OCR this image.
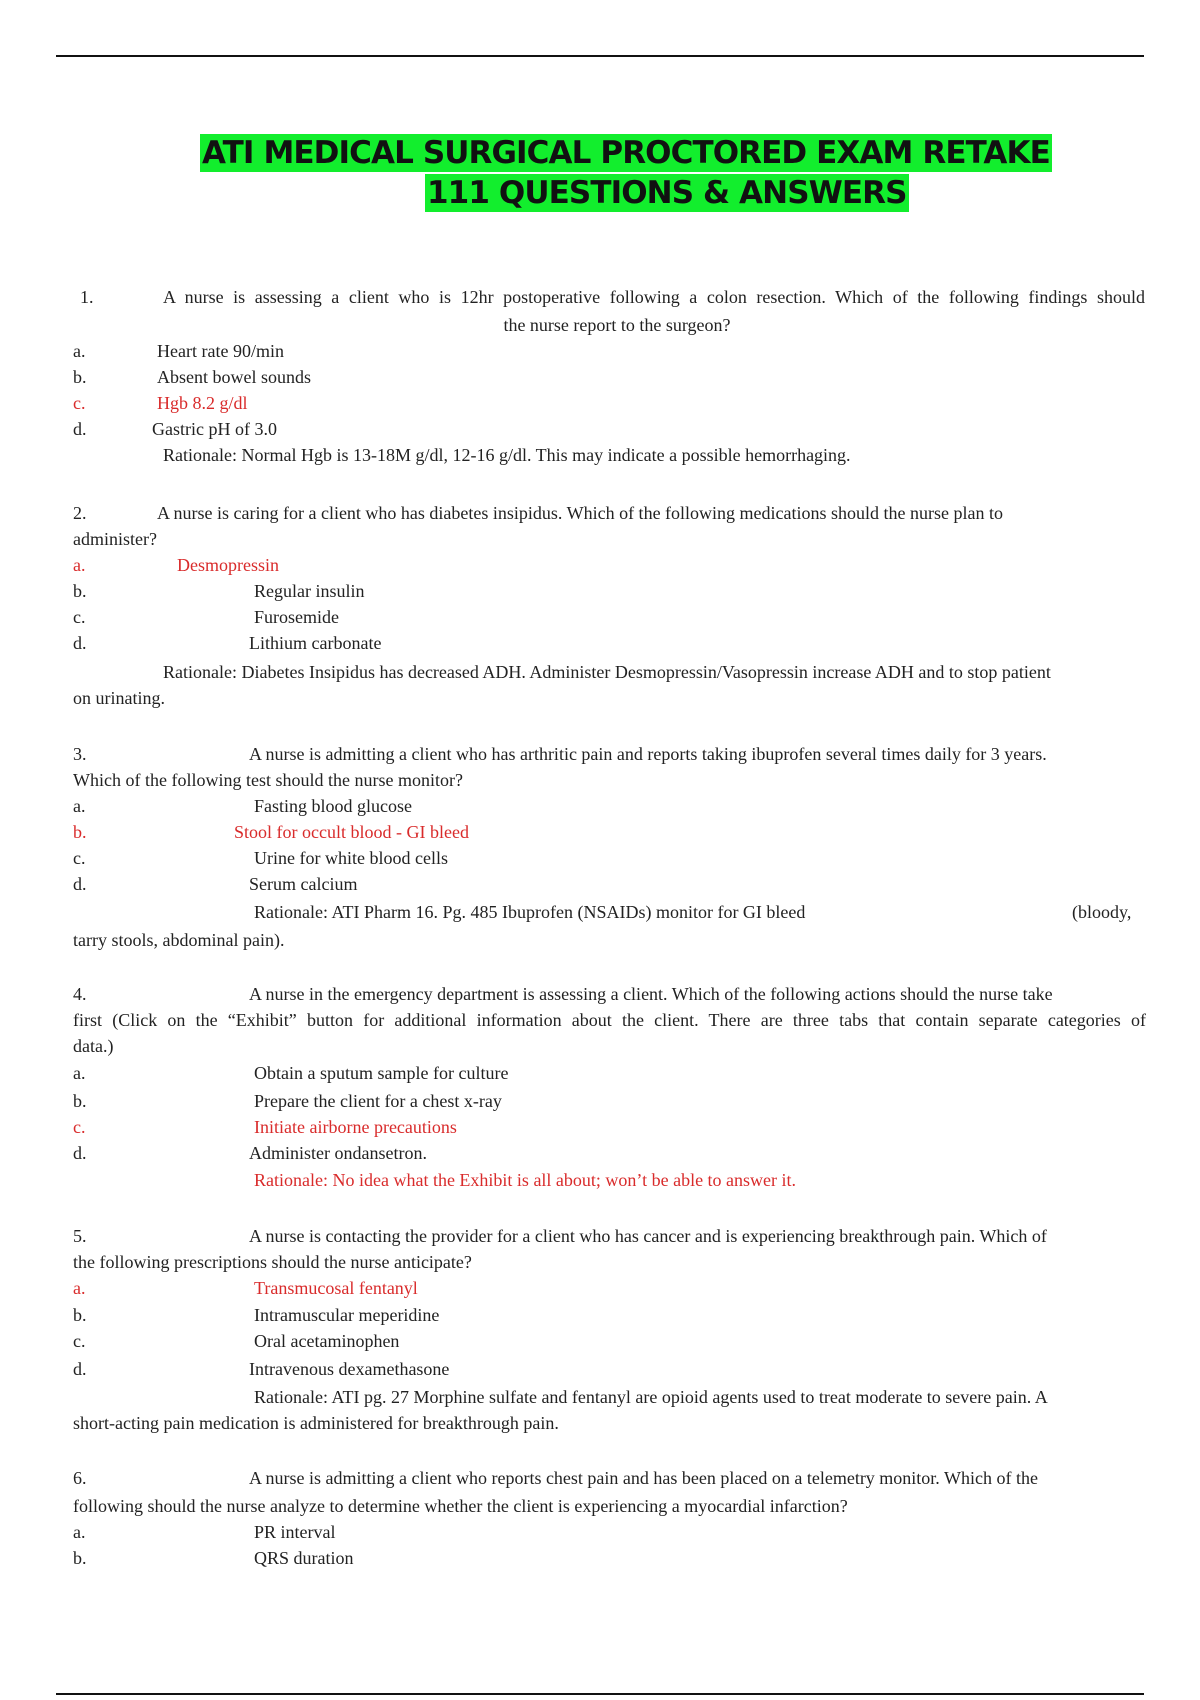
ATI MEDICAL SURGICAL PROCTORED EXAM RETAKE
111 QUESTIONS & ANSWERS
1.	A nurse is assessing a client who is 12hr postoperative following a colon resection. Which of the following findings should
the nurse report to the surgeon?
a.	Heart rate 90/min
b.	Absent bowel sounds
c.	Hgb 8.2 g/dl
d.	Gastric pH of 3.0
Rationale: Normal Hgb is 13-18M g/dl, 12-16 g/dl. This may indicate a possible hemorrhaging.
2.	A nurse is caring for a client who has diabetes insipidus. Which of the following medications should the nurse plan to
administer?
a.	Desmopressin
b.	Regular insulin
c.	Furosemide
d.	Lithium carbonate
Rationale: Diabetes Insipidus has decreased ADH. Administer Desmopressin/Vasopressin increase ADH and to stop patient
on urinating.
3.	A nurse is admitting a client who has arthritic pain and reports taking ibuprofen several times daily for 3 years.
Which of the following test should the nurse monitor?
a.	Fasting blood glucose
b.	Stool for occult blood - GI bleed
c.	Urine for white blood cells
d.	Serum calcium
Rationale: ATI Pharm 16. Pg. 485 Ibuprofen (NSAIDs) monitor for GI bleed	(bloody,
tarry stools, abdominal pain).
4.	A nurse in the emergency department is assessing a client. Which of the following actions should the nurse take
first (Click on the “Exhibit” button for additional information about the client. There are three tabs that contain separate categories of
data.)
a.	Obtain a sputum sample for culture
b.	Prepare the client for a chest x-ray
c.	Initiate airborne precautions
d.	Administer ondansetron.
Rationale: No idea what the Exhibit is all about; won’t be able to answer it.
5.	A nurse is contacting the provider for a client who has cancer and is experiencing breakthrough pain. Which of
the following prescriptions should the nurse anticipate?
a.	Transmucosal fentanyl
b.	Intramuscular meperidine
c.	Oral acetaminophen
d.	Intravenous dexamethasone
Rationale: ATI pg. 27 Morphine sulfate and fentanyl are opioid agents used to treat moderate to severe pain. A
short-acting pain medication is administered for breakthrough pain.
6.	A nurse is admitting a client who reports chest pain and has been placed on a telemetry monitor. Which of the
following should the nurse analyze to determine whether the client is experiencing a myocardial infarction?
a.	PR interval
b.	QRS duration
